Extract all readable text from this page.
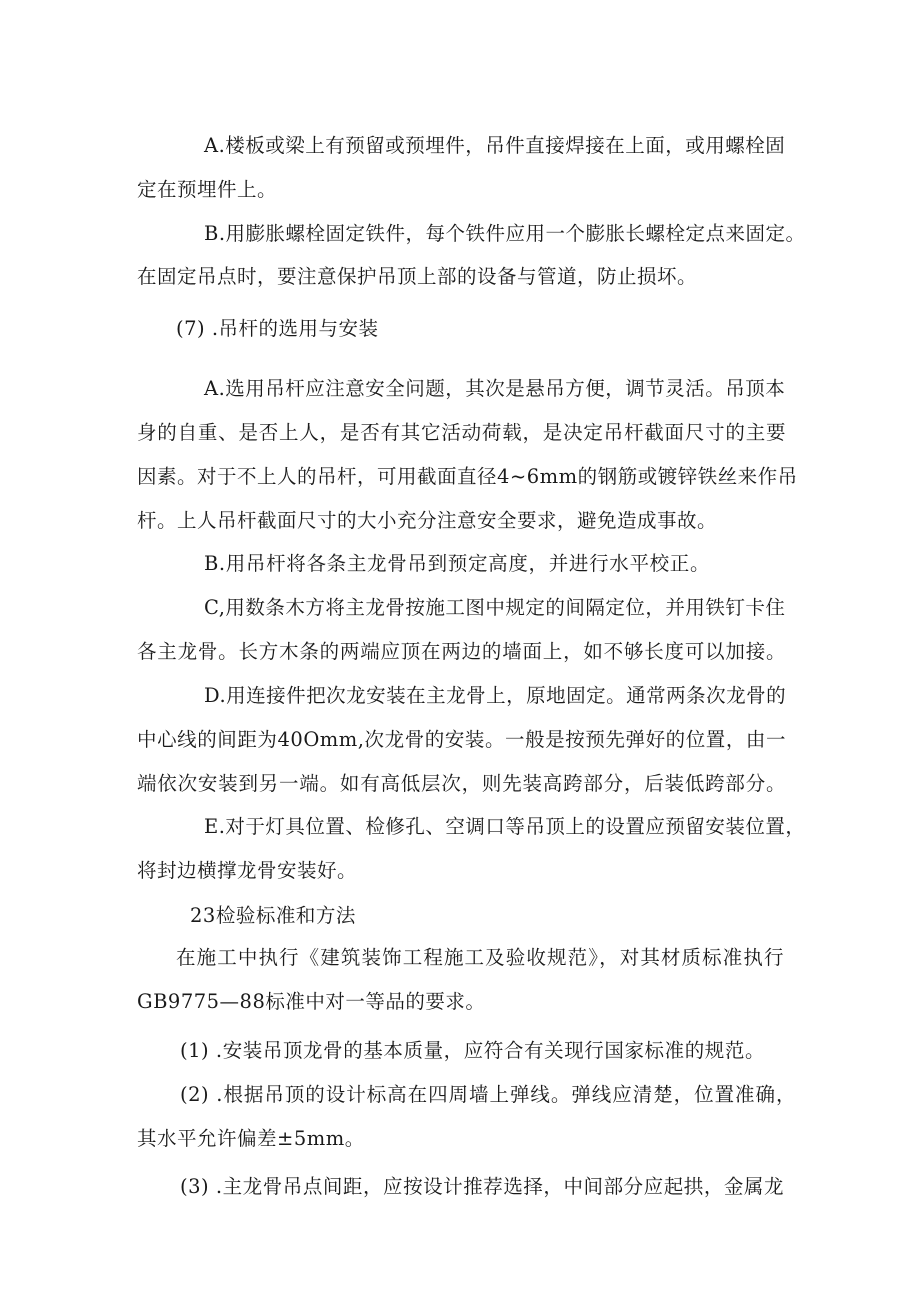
A.楼板或梁上有预留或预埋件，吊件直接焊接在上面，或用螺栓固
定在预埋件上。
B.用膨胀螺栓固定铁件，每个铁件应用一个膨胀长螺栓定点来固定。
在固定吊点时，要注意保护吊顶上部的设备与管道，防止损坏。
(7) .吊杆的选用与安装
A.选用吊杆应注意安全问题，其次是悬吊方便，调节灵活。吊顶本
身的自重、是否上人，是否有其它活动荷载，是决定吊杆截面尺寸的主要
因素。对于不上人的吊杆，可用截面直径4~6mm的钢筋或镀锌铁丝来作吊
杆。上人吊杆截面尺寸的大小充分注意安全要求，避免造成事故。
B.用吊杆将各条主龙骨吊到预定高度，并进行水平校正。
C,用数条木方将主龙骨按施工图中规定的间隔定位，并用铁钉卡住
各主龙骨。长方木条的两端应顶在两边的墙面上，如不够长度可以加接。
D.用连接件把次龙安装在主龙骨上，原地固定。通常两条次龙骨的
中心线的间距为40Omm,次龙骨的安装。一般是按预先弹好的位置，由一
端依次安装到另一端。如有高低层次，则先装高跨部分，后装低跨部分。
E.对于灯具位置、检修孔、空调口等吊顶上的设置应预留安装位置，
将封边横撑龙骨安装好。
23检验标准和方法
在施工中执行《建筑装饰工程施工及验收规范》，对其材质标准执行
GB9775—88标准中对一等品的要求。
(1) .安装吊顶龙骨的基本质量，应符合有关现行国家标准的规范。
(2) .根据吊顶的设计标高在四周墙上弹线。弹线应清楚，位置准确，
其水平允许偏差±5mm。
(3) .主龙骨吊点间距，应按设计推荐选择，中间部分应起拱，金属龙
